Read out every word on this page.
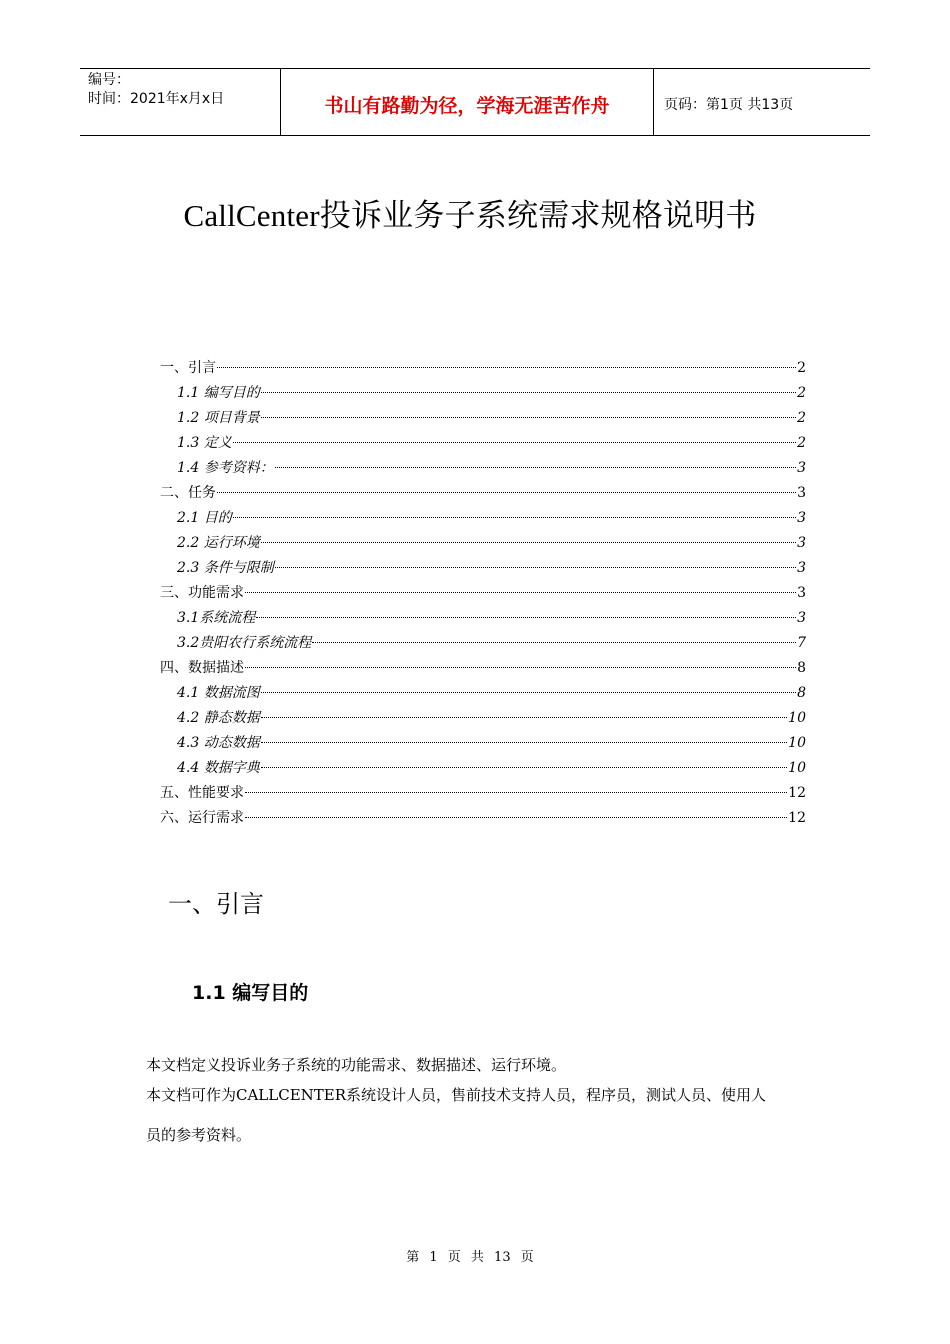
编号：
时间：2021年x月x日	书山有路勤为径，学海无涯苦作舟	页码：第1页 共13页
CallCenter投诉业务子系统需求规格说明书
一、引言	2
1.1 编写目的	2
1.2 项目背景	2
1.3 定义	2
1.4 参考资料：	3
二、任务	3
2.1 目的	3
2.2 运行环境	3
2.3 条件与限制	3
三、功能需求	3
3.1系统流程	3
3.2贵阳农行系统流程	7
四、数据描述	8
4.1 数据流图	8
4.2 静态数据	10
4.3 动态数据	10
4.4 数据字典	10
五、性能要求	12
六、运行需求	12
一、引言
1.1 编写目的
本文档定义投诉业务子系统的功能需求、数据描述、运行环境。
本文档可作为CALLCENTER系统设计人员，售前技术支持人员，程序员，测试人员、使用人
员的参考资料。
第 1 页 共 13 页
